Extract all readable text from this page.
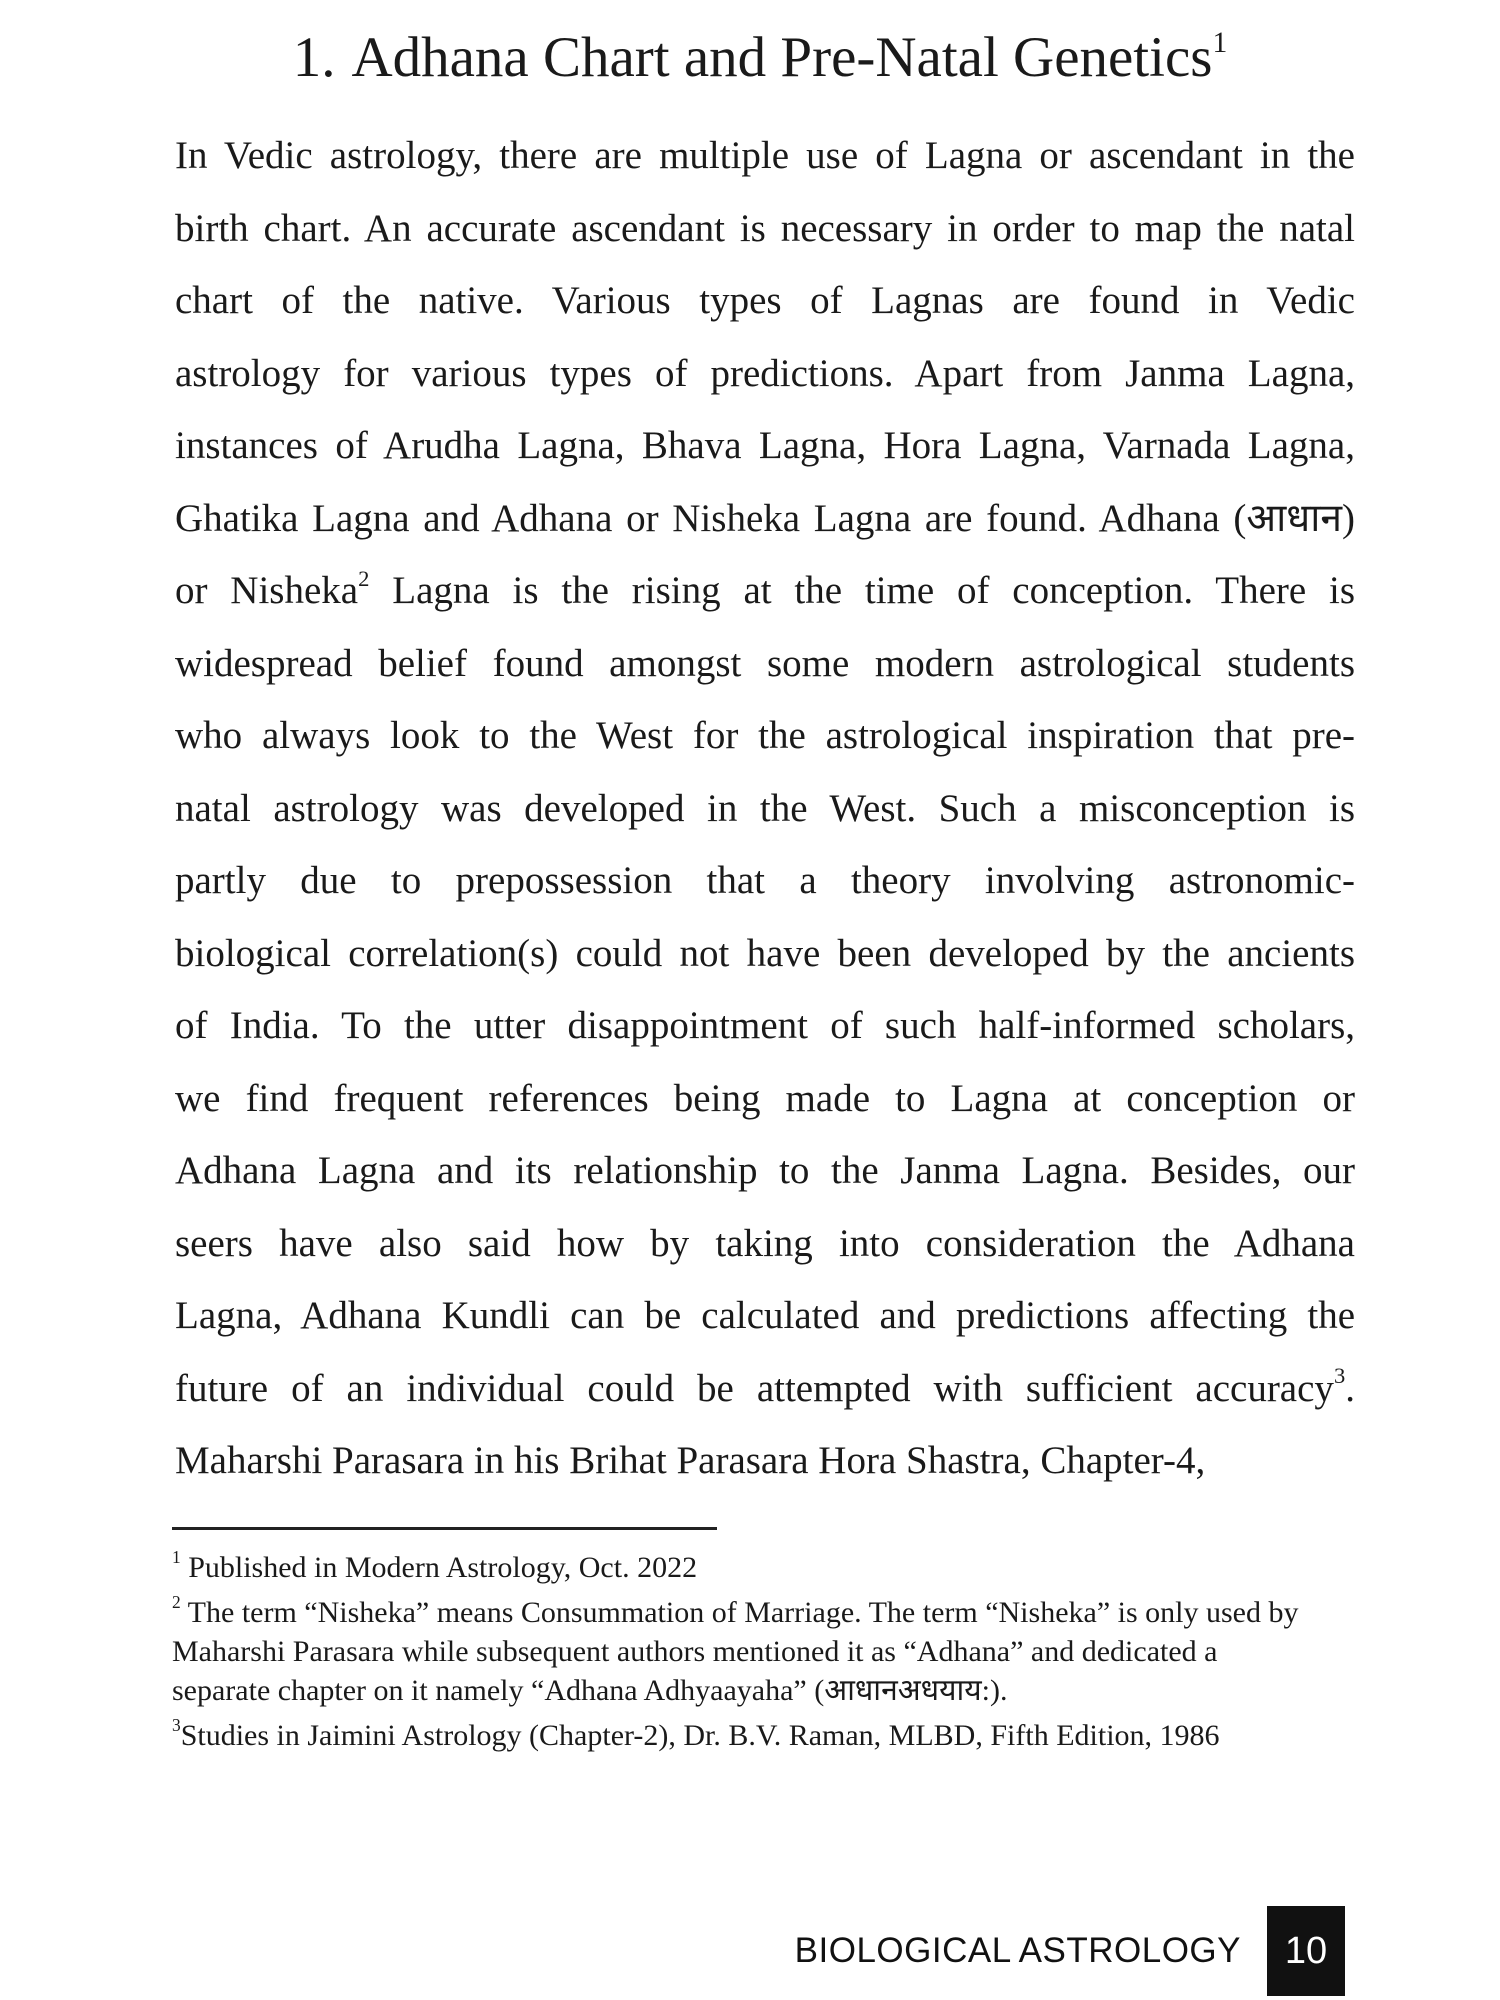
1. Adhana Chart and Pre-Natal Genetics$^1$
In Vedic astrology, there are multiple use of Lagna or ascendant in the
birth chart. An accurate ascendant is necessary in order to map the natal
chart of the native. Various types of Lagnas are found in Vedic
astrology for various types of predictions. Apart from Janma Lagna,
instances of Arudha Lagna, Bhava Lagna, Hora Lagna, Varnada Lagna,
Ghatika Lagna and Adhana or Nisheka Lagna are found. Adhana (आधान)
or Nisheka$^2$ Lagna is the rising at the time of conception. There is
widespread belief found amongst some modern astrological students
who always look to the West for the astrological inspiration that pre-
natal astrology was developed in the West. Such a misconception is
partly due to prepossession that a theory involving astronomic-
biological correlation(s) could not have been developed by the ancients
of India. To the utter disappointment of such half-informed scholars,
we find frequent references being made to Lagna at conception or
Adhana Lagna and its relationship to the Janma Lagna. Besides, our
seers have also said how by taking into consideration the Adhana
Lagna, Adhana Kundli can be calculated and predictions affecting the
future of an individual could be attempted with sufficient accuracy$^3$.
Maharshi Parasara in his Brihat Parasara Hora Shastra, Chapter-4,

$^1$ Published in Modern Astrology, Oct. 2022

$^2$ The term “Nisheka” means Consummation of Marriage. The term “Nisheka” is only used by Maharshi Parasara while subsequent authors mentioned it as “Adhana” and dedicated a separate chapter on it namely “Adhana Adhyaayaha” (आधानअधयाय:).

$^3$Studies in Jaimini Astrology (Chapter-2), Dr. B.V. Raman, MLBD, Fifth Edition, 1986

BIOLOGICAL ASTROLOGY	10
